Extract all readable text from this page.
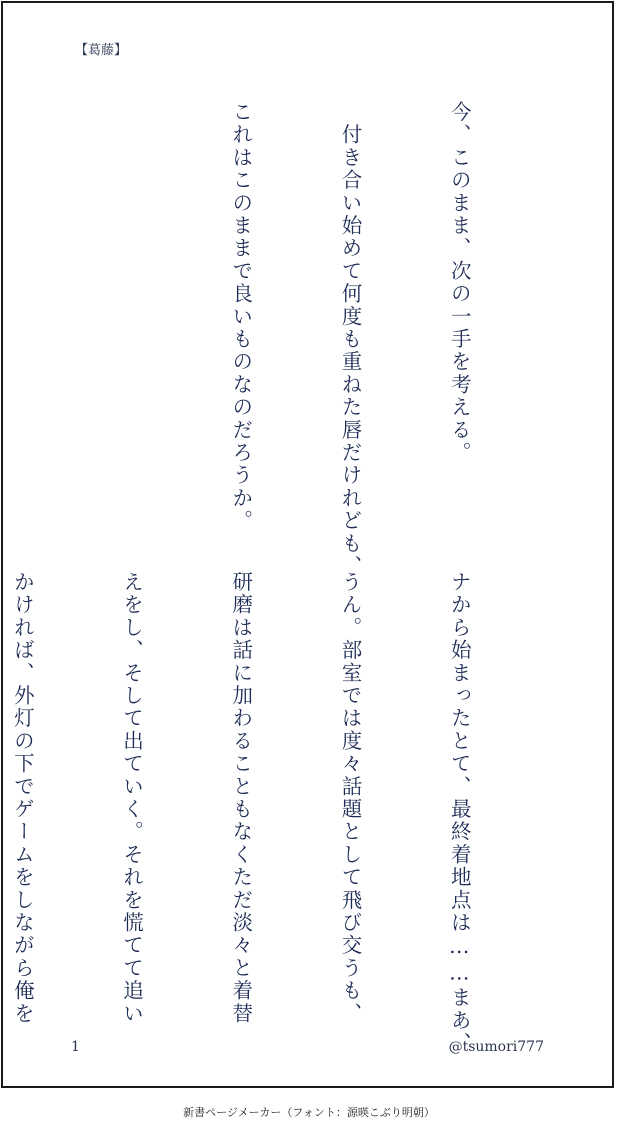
【葛藤】

今、このまま、次の一手を考える。

　付き合い始めて何度も重ねた唇だけれども、

これはこのままで良いものなのだろうか。

ナから始まったとて、最終着地点は……まあ、

うん。部室では度々話題として飛び交うも、

研磨は話に加わることもなくただ淡々と着替

えをし、そして出ていく。それを慌てて追い

かければ、外灯の下でゲームをしながら俺を

1	@tsumori777
新書ページメーカー（フォント：源暎こぶり明朝）
